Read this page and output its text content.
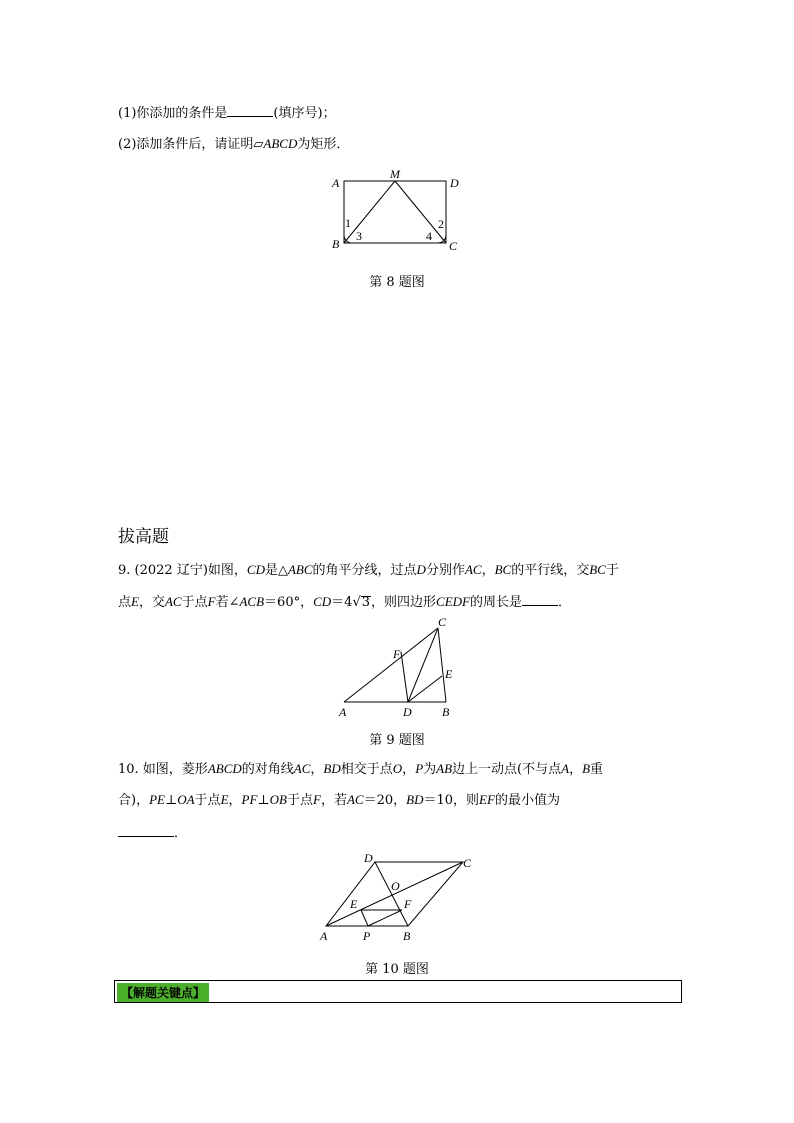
(1)你添加的条件是	(填序号)；
(2)添加条件后，请证明▱ABCD为矩形．
A
M
D
B	C
1
3	4
2
第 8 题图
拔高题
9. (2022 辽宁)如图，CD是△ABC的角平分线，过点D分别作AC，BC的平行线，交BC于
点E，交AC于点F若∠ACB＝60°，CD＝4√3，则四边形CEDF的周长是	．
C
F
E
A	D	B
第 9 题图
10. 如图，菱形ABCD的对角线AC，BD相交于点O，P为AB边上一动点(不与点A，B重
合)，PE⊥OA于点E，PF⊥OB于点F，若AC＝20，BD＝10，则EF的最小值为
．
D	C
O
E	F
A	P	B
第 10 题图
【解题关键点】
